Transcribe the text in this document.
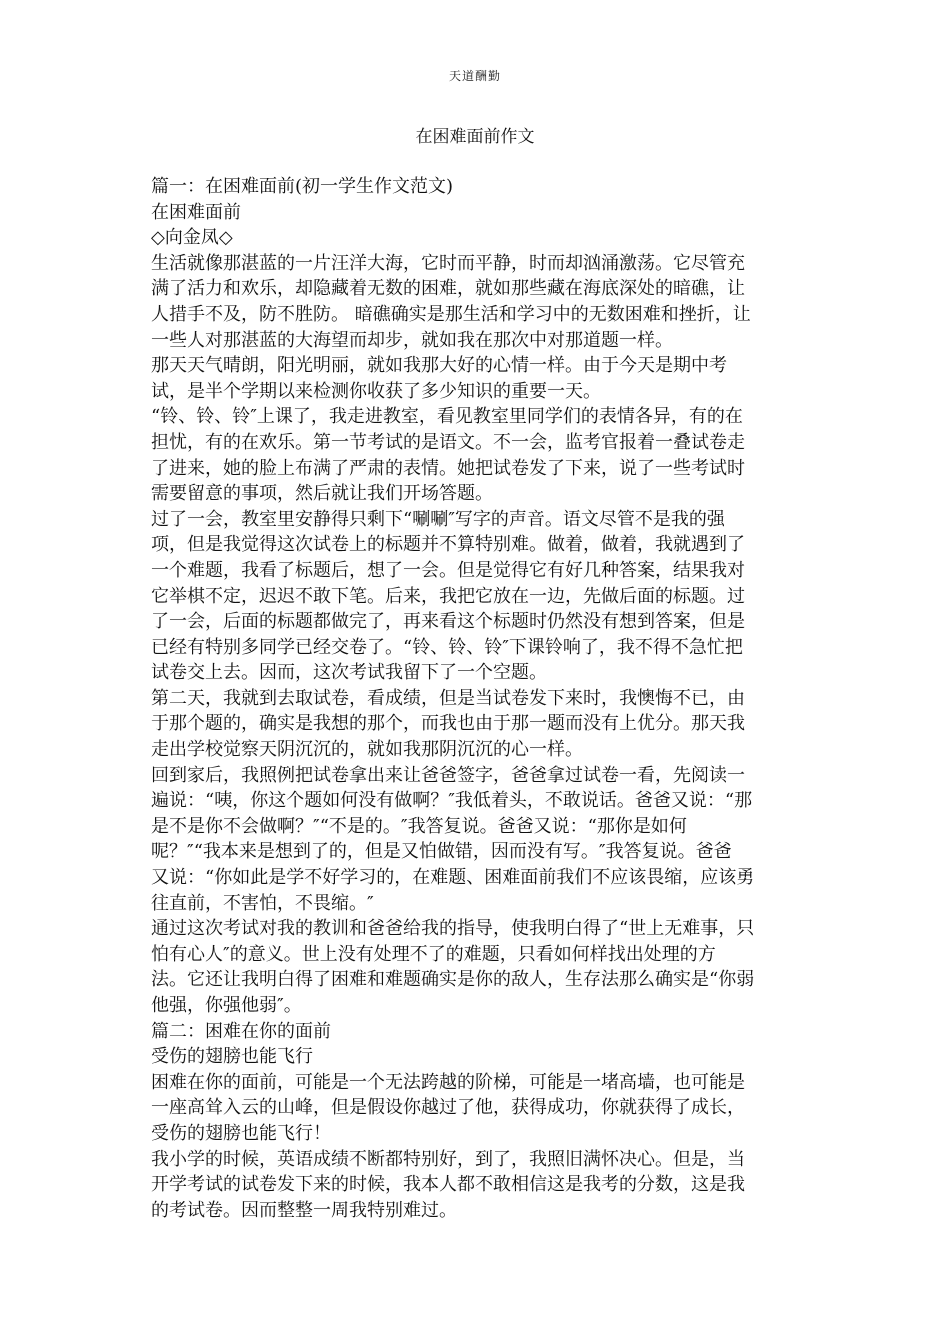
天道酬勤
在困难面前作文
篇一：在困难面前(初一学生作文范文)
在困难面前
◇向金凤◇
生活就像那湛蓝的一片汪洋大海，它时而平静，时而却汹涌激荡。它尽管充
满了活力和欢乐，却隐藏着无数的困难，就如那些藏在海底深处的暗礁，让
人措手不及，防不胜防。 暗礁确实是那生活和学习中的无数困难和挫折，让
一些人对那湛蓝的大海望而却步，就如我在那次中对那道题一样。
那天天气晴朗，阳光明丽，就如我那大好的心情一样。由于今天是期中考
试，是半个学期以来检测你收获了多少知识的重要一天。
“铃、铃、铃″上课了，我走进教室，看见教室里同学们的表情各异，有的在
担忧，有的在欢乐。第一节考试的是语文。不一会，监考官报着一叠试卷走
了进来，她的脸上布满了严肃的表情。她把试卷发了下来，说了一些考试时
需要留意的事项，然后就让我们开场答题。
过了一会，教室里安静得只剩下“唰唰″写字的声音。语文尽管不是我的强
项，但是我觉得这次试卷上的标题并不算特别难。做着，做着，我就遇到了
一个难题，我看了标题后，想了一会。但是觉得它有好几种答案，结果我对
它举棋不定，迟迟不敢下笔。后来，我把它放在一边，先做后面的标题。过
了一会，后面的标题都做完了，再来看这个标题时仍然没有想到答案，但是
已经有特别多同学已经交卷了。“铃、铃、铃″下课铃响了，我不得不急忙把
试卷交上去。因而，这次考试我留下了一个空题。
第二天，我就到去取试卷，看成绩，但是当试卷发下来时，我懊悔不已，由
于那个题的，确实是我想的那个，而我也由于那一题而没有上优分。那天我
走出学校觉察天阴沉沉的，就如我那阴沉沉的心一样。
回到家后，我照例把试卷拿出来让爸爸签字，爸爸拿过试卷一看，先阅读一
遍说：“咦，你这个题如何没有做啊？″我低着头，不敢说话。爸爸又说：“那
是不是你不会做啊？″“不是的。″我答复说。爸爸又说：“那你是如何
呢？″“我本来是想到了的，但是又怕做错，因而没有写。″我答复说。爸爸
又说：“你如此是学不好学习的，在难题、困难面前我们不应该畏缩，应该勇
往直前，不害怕，不畏缩。″
通过这次考试对我的教训和爸爸给我的指导，使我明白得了“世上无难事，只
怕有心人″的意义。世上没有处理不了的难题，只看如何样找出处理的方
法。它还让我明白得了困难和难题确实是你的敌人，生存法那么确实是“你弱
他强，你强他弱″。
篇二：困难在你的面前
受伤的翅膀也能飞行
困难在你的面前，可能是一个无法跨越的阶梯，可能是一堵高墙，也可能是
一座高耸入云的山峰，但是假设你越过了他，获得成功，你就获得了成长，
受伤的翅膀也能飞行！
我小学的时候，英语成绩不断都特别好，到了，我照旧满怀决心。但是，当
开学考试的试卷发下来的时候，我本人都不敢相信这是我考的分数，这是我
的考试卷。因而整整一周我特别难过。
